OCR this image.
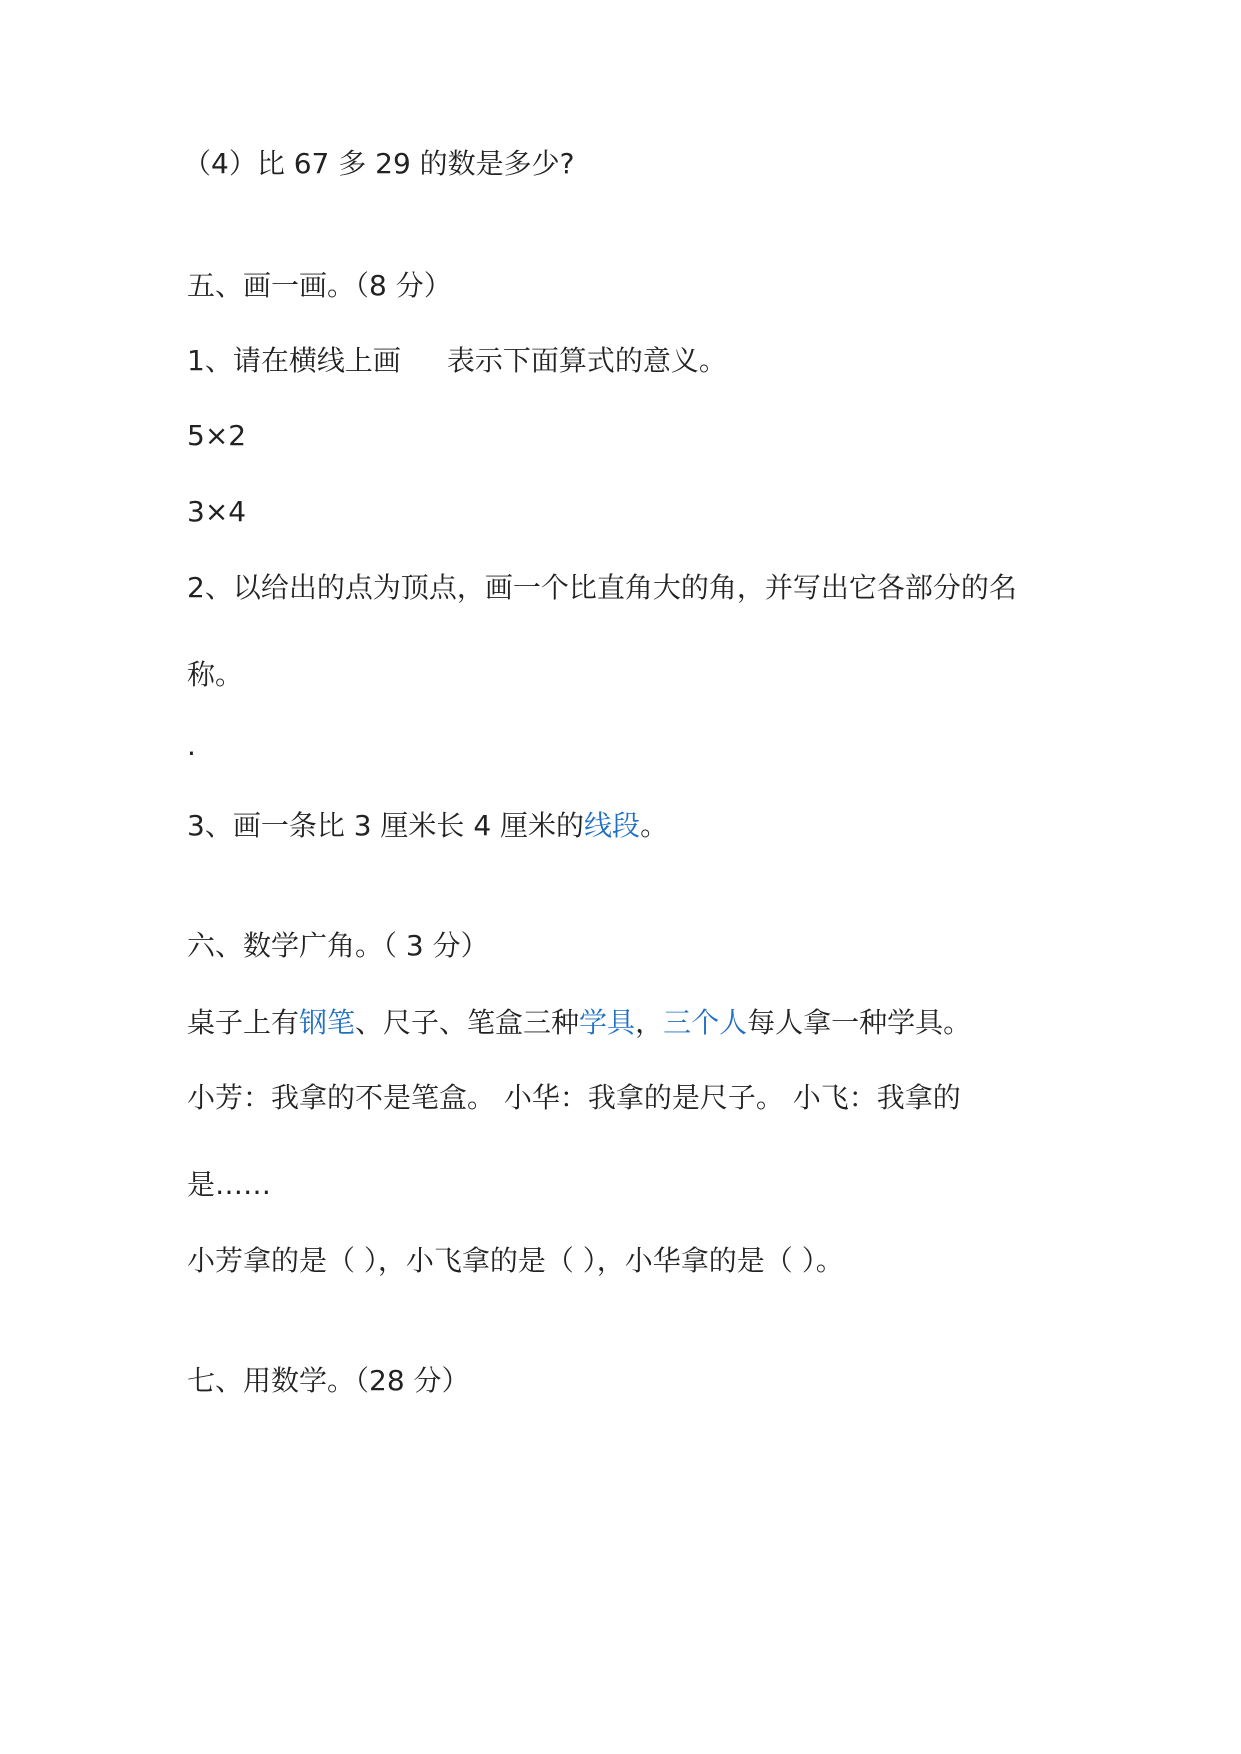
（4）比 67 多 29 的数是多少?

五、画一画。（8 分）

1、请在横线上画 表示下面算式的意义。

5×2

3×4

2、以给出的点为顶点，画一个比直角大的角，并写出它各部分的名

称。

.

3、画一条比 3 厘米长 4 厘米的线段。

六、数学广角。（ 3 分）

桌子上有钢笔、尺子、笔盒三种学具，三个人每人拿一种学具。

小芳：我拿的不是笔盒。 小华：我拿的是尺子。 小飞：我拿的

是……

小芳拿的是（ ），小飞拿的是（ ），小华拿的是（ ）。

七、用数学。（28 分）
